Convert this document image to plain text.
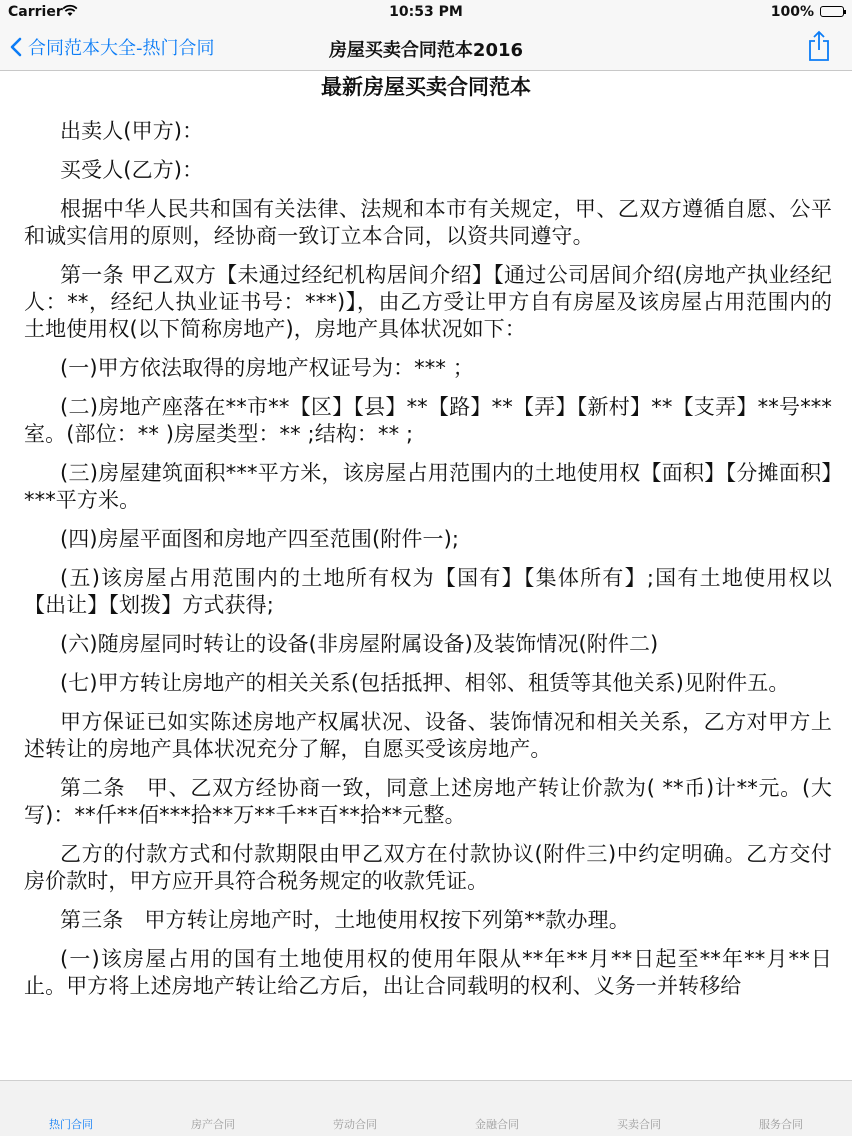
Carrier	10:53 PM	100%
合同范本大全-热门合同	房屋买卖合同范本2016
最新房屋买卖合同范本

出卖人(甲方)：

买受人(乙方)：

根据中华人民共和国有关法律、法规和本市有关规定，甲、乙双方遵循自愿、公平和诚实信用的原则，经协商一致订立本合同，以资共同遵守。

第一条 甲乙双方【未通过经纪机构居间介绍】【通过公司居间介绍(房地产执业经纪人：**，经纪人执业证书号：***)】，由乙方受让甲方自有房屋及该房屋占用范围内的土地使用权(以下简称房地产)，房地产具体状况如下：

(一)甲方依法取得的房地产权证号为：*** ；

(二)房地产座落在**市**【区】【县】**【路】**【弄】【新村】**【支弄】**号***室。(部位：** )房屋类型：** ;结构：** ;

(三)房屋建筑面积***平方米，该房屋占用范围内的土地使用权【面积】【分摊面积】***平方米。

(四)房屋平面图和房地产四至范围(附件一);

(五)该房屋占用范围内的土地所有权为【国有】【集体所有】;国有土地使用权以【出让】【划拨】方式获得;

(六)随房屋同时转让的设备(非房屋附属设备)及装饰情况(附件二)

(七)甲方转让房地产的相关关系(包括抵押、相邻、租赁等其他关系)见附件五。

甲方保证已如实陈述房地产权属状况、设备、装饰情况和相关关系，乙方对甲方上述转让的房地产具体状况充分了解，自愿买受该房地产。

第二条　甲、乙双方经协商一致，同意上述房地产转让价款为( **币)计**元。(大写)：**仟**佰***拾**万**千**百**拾**元整。

乙方的付款方式和付款期限由甲乙双方在付款协议(附件三)中约定明确。乙方交付房价款时，甲方应开具符合税务规定的收款凭证。

第三条　甲方转让房地产时，土地使用权按下列第**款办理。

(一)该房屋占用的国有土地使用权的使用年限从**年**月**日起至**年**月**日止。甲方将上述房地产转让给乙方后，出让合同载明的权利、义务一并转移给

热门合同	房产合同	劳动合同	金融合同	买卖合同	服务合同
